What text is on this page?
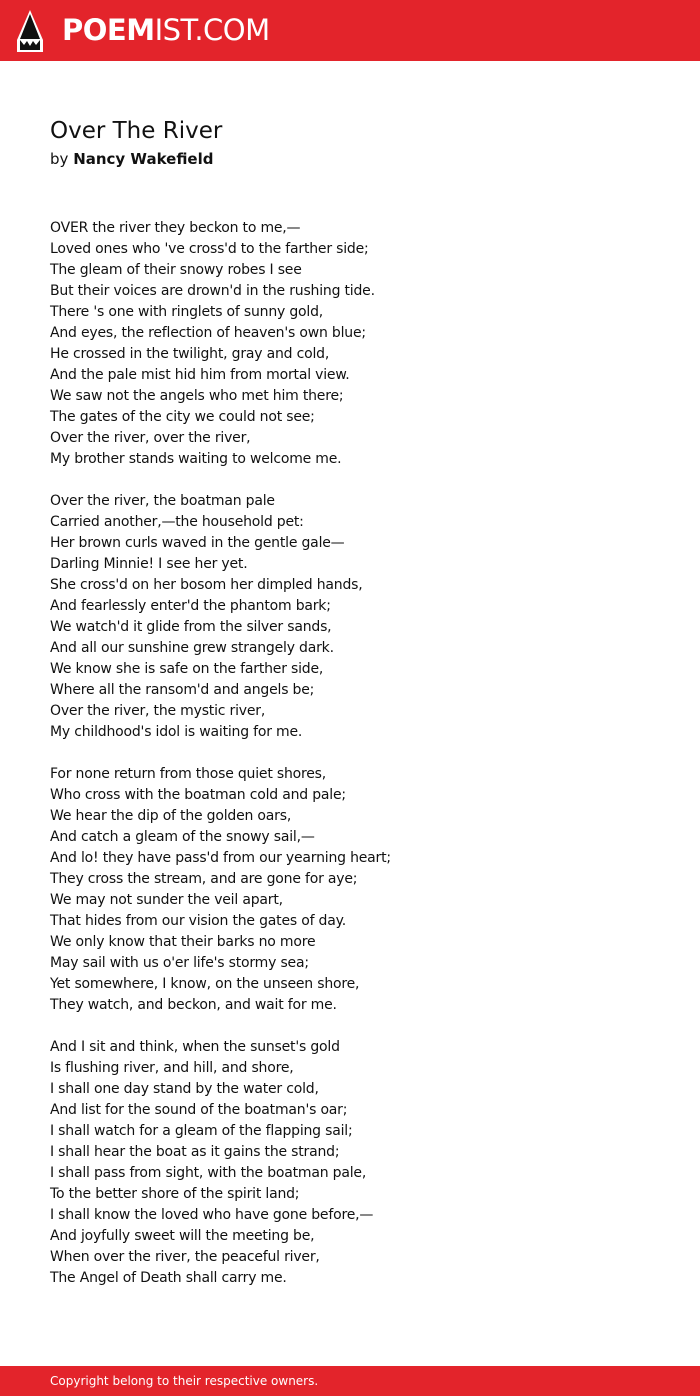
POEMIST.COM
Over The River
by Nancy Wakefield
OVER the river they beckon to me,—
Loved ones who 've cross'd to the farther side;
The gleam of their snowy robes I see
But their voices are drown'd in the rushing tide.
There 's one with ringlets of sunny gold,
And eyes, the reflection of heaven's own blue;
He crossed in the twilight, gray and cold,
And the pale mist hid him from mortal view.
We saw not the angels who met him there;
The gates of the city we could not see;
Over the river, over the river,
My brother stands waiting to welcome me.
Over the river, the boatman pale
Carried another,—the household pet:
Her brown curls waved in the gentle gale—
Darling Minnie! I see her yet.
She cross'd on her bosom her dimpled hands,
And fearlessly enter'd the phantom bark;
We watch'd it glide from the silver sands,
And all our sunshine grew strangely dark.
We know she is safe on the farther side,
Where all the ransom'd and angels be;
Over the river, the mystic river,
My childhood's idol is waiting for me.
For none return from those quiet shores,
Who cross with the boatman cold and pale;
We hear the dip of the golden oars,
And catch a gleam of the snowy sail,—
And lo! they have pass'd from our yearning heart;
They cross the stream, and are gone for aye;
We may not sunder the veil apart,
That hides from our vision the gates of day.
We only know that their barks no more
May sail with us o'er life's stormy sea;
Yet somewhere, I know, on the unseen shore,
They watch, and beckon, and wait for me.
And I sit and think, when the sunset's gold
Is flushing river, and hill, and shore,
I shall one day stand by the water cold,
And list for the sound of the boatman's oar;
I shall watch for a gleam of the flapping sail;
I shall hear the boat as it gains the strand;
I shall pass from sight, with the boatman pale,
To the better shore of the spirit land;
I shall know the loved who have gone before,—
And joyfully sweet will the meeting be,
When over the river, the peaceful river,
The Angel of Death shall carry me.
Copyright belong to their respective owners.
